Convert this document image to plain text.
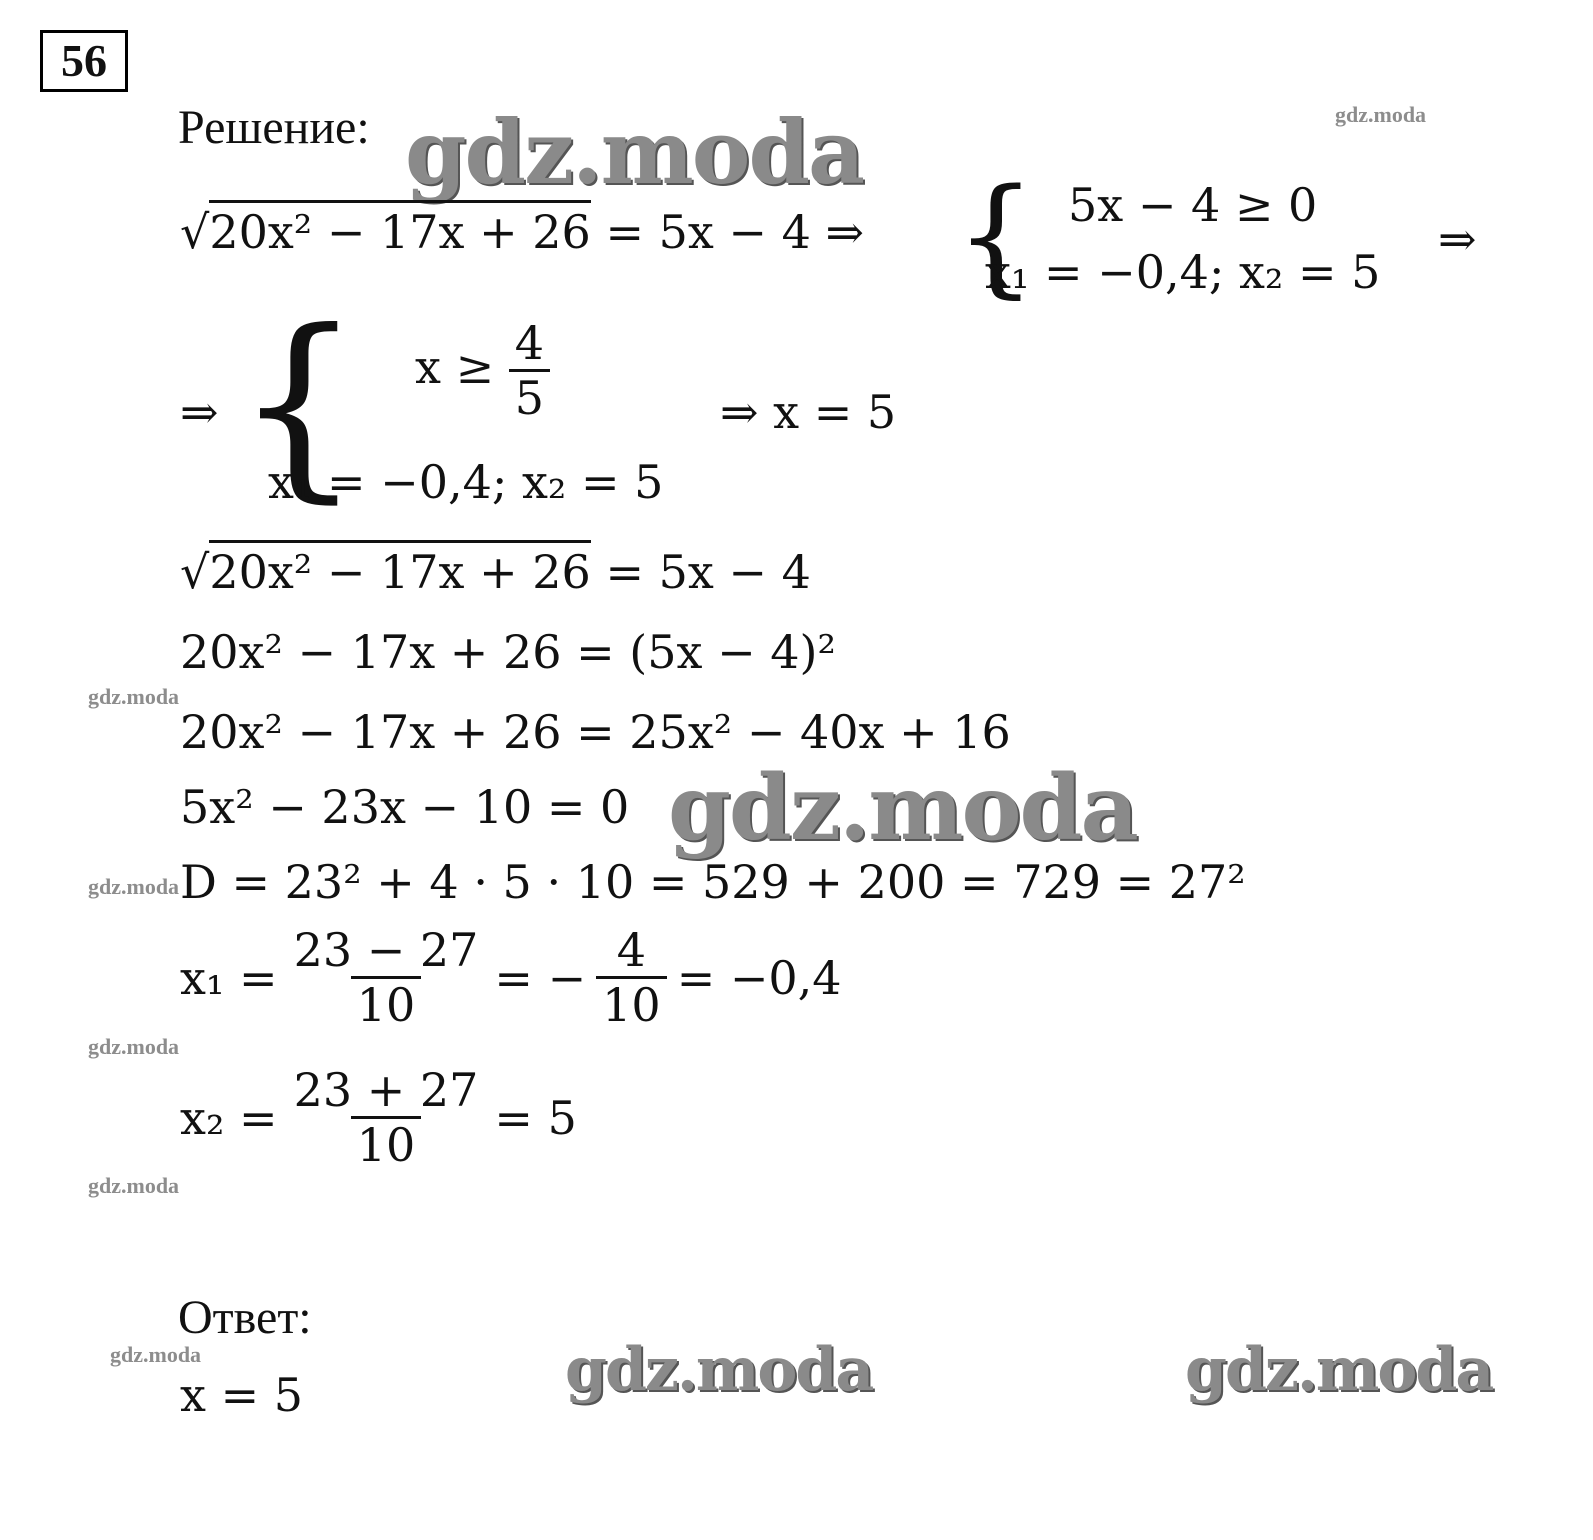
56
Решение: gdz.moda	gdz.moda
gdz.moda
gdz.moda
gdz.moda
gdz.moda
gdz.moda
gdz.moda	gdz.moda	gdz.moda
√20x² − 17x + 26 = 5x − 4 ⇒ { 5x − 4 ≥ 0
x₁ = −0,4; x₂ = 5
⇒
⇒ { $x \ge \frac{4}{5}$
x₁ = −0,4; x₂ = 5
⇒ x = 5
√20x² − 17x + 26 = 5x − 4
20x² − 17x + 26 = (5x − 4)²
20x² − 17x + 26 = 25x² − 40x + 16
5x² − 23x − 10 = 0
D = 23² + 4 · 5 · 10 = 529 + 200 = 729 = 27²
$x_1 = \frac{23 - 27}{10}$ = − $\frac{4}{10} = -0,4$
$x_2 = \frac{23 + 27}{10} = 5$
Ответ:
x = 5
